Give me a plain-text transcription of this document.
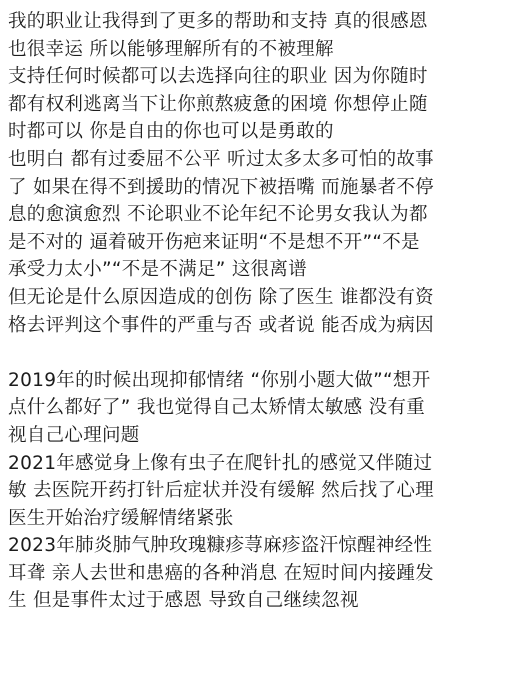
我的职业让我得到了更多的帮助和支持 真的很感恩
也很幸运 所以能够理解所有的不被理解
支持任何时候都可以去选择向往的职业 因为你随时
都有权利逃离当下让你煎熬疲惫的困境 你想停止随
时都可以 你是自由的你也可以是勇敢的
也明白 都有过委屈不公平 听过太多太多可怕的故事
了 如果在得不到援助的情况下被捂嘴 而施暴者不停
息的愈演愈烈 不论职业不论年纪不论男女我认为都
是不对的 逼着破开伤疤来证明“不是想不开”“不是
承受力太小”“不是不满足” 这很离谱
但无论是什么原因造成的创伤 除了医生 谁都没有资
格去评判这个事件的严重与否 或者说 能否成为病因
2019年的时候出现抑郁情绪 “你别小题大做”“想开
点什么都好了” 我也觉得自己太矫情太敏感 没有重
视自己心理问题
2021年感觉身上像有虫子在爬针扎的感觉又伴随过
敏 去医院开药打针后症状并没有缓解 然后找了心理
医生开始治疗缓解情绪紧张
2023年肺炎肺气肿玫瑰糠疹荨麻疹盗汗惊醒神经性
耳聋 亲人去世和患癌的各种消息 在短时间内接踵发
生 但是事件太过于感恩 导致自己继续忽视
